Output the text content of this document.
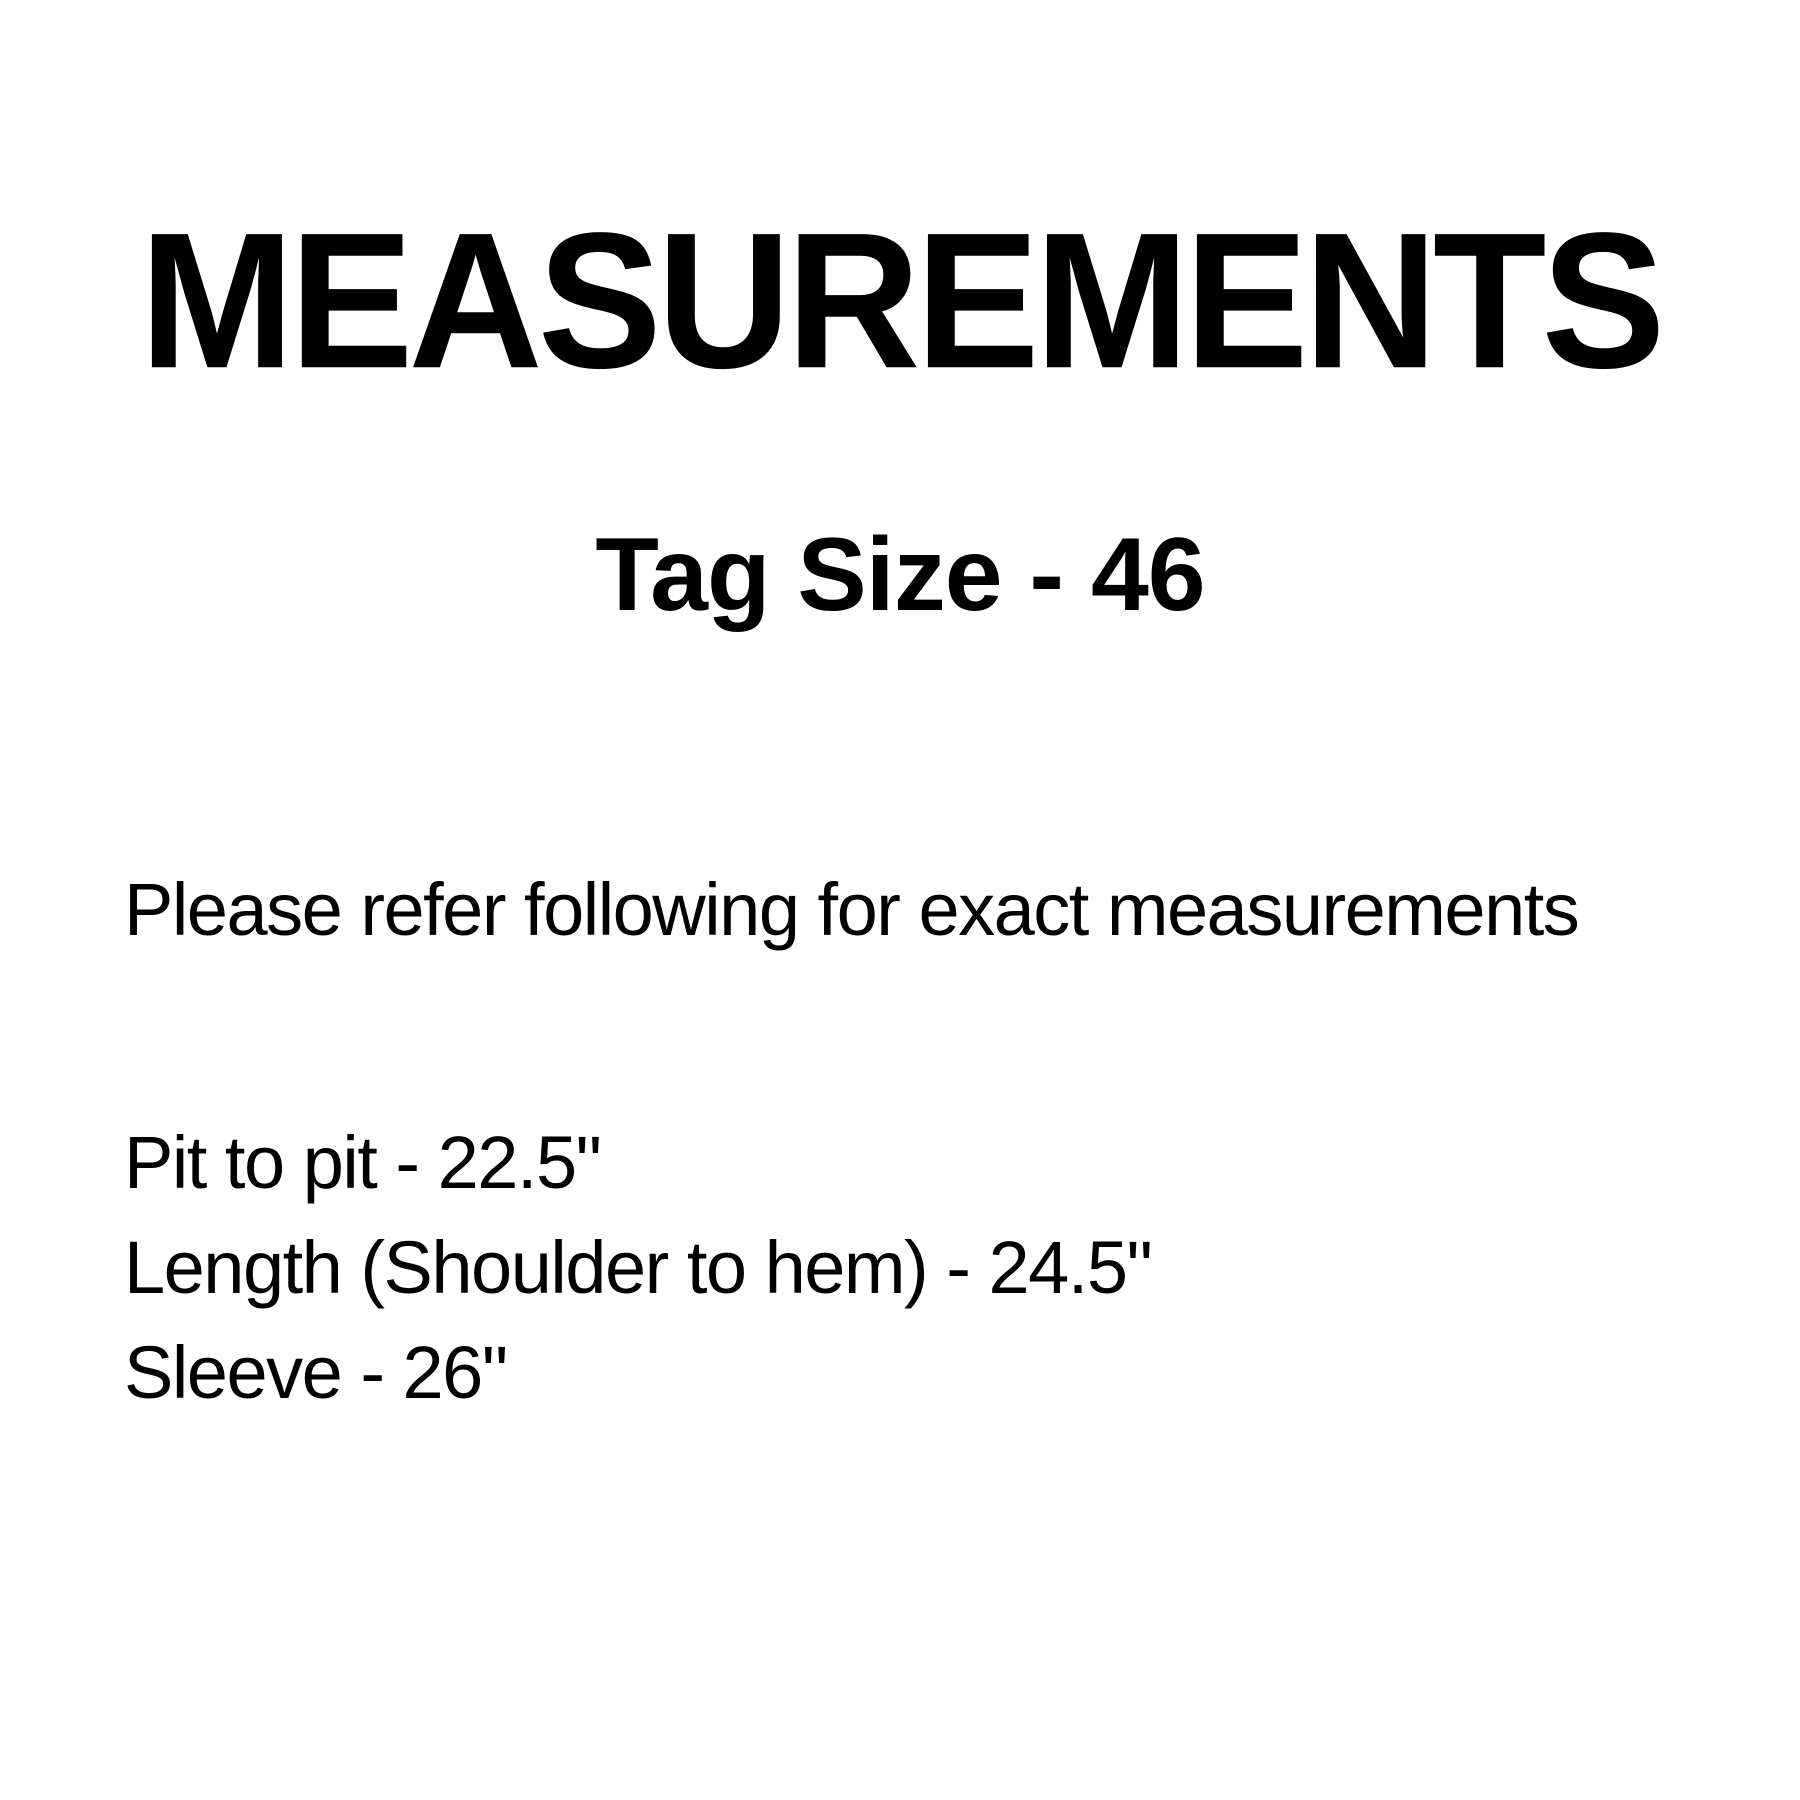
MEASUREMENTS
Tag Size - 46

Please refer following for exact measurements

Pit to pit - 22.5"
Length (Shoulder to hem) - 24.5"
Sleeve - 26"
